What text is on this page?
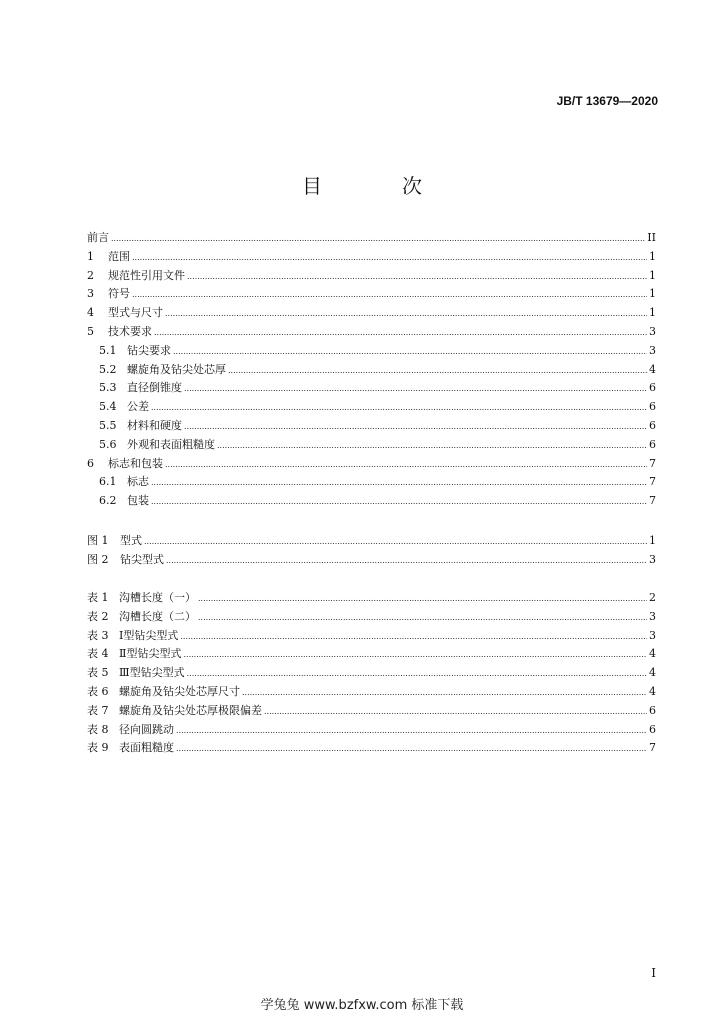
JB/T 13679—2020
目　次
前言 .....	II
1	范围 .....	1
2	规范性引用文件 .....	1
3	符号 .....	1
4	型式与尺寸 .....	1
5	技术要求 .....	3
5.1 钻尖要求 .....	3
5.2 螺旋角及钻尖处芯厚 .....	4
5.3 直径倒锥度 .....	6
5.4 公差 .....	6
5.5 材料和硬度 .....	6
5.6 外观和表面粗糙度 .....	6
6	标志和包装 .....	7
6.1 标志 .....	7
6.2 包装 .....	7
图 1	型式 .....	1
图 2	钻尖型式 .....	3
表 1 沟槽长度（一） .....	2
表 2 沟槽长度（二） .....	3
表 3 Ⅰ型钻尖型式 .....	3
表 4 Ⅱ型钻尖型式 .....	4
表 5 Ⅲ型钻尖型式 .....	4
表 6 螺旋角及钻尖处芯厚尺寸 .....	4
表 7 螺旋角及钻尖处芯厚极限偏差 .....	6
表 8 径向圆跳动 .....	6
表 9 表面粗糙度 .....	7
I
学兔兔 www.bzfxw.com 标准下载
